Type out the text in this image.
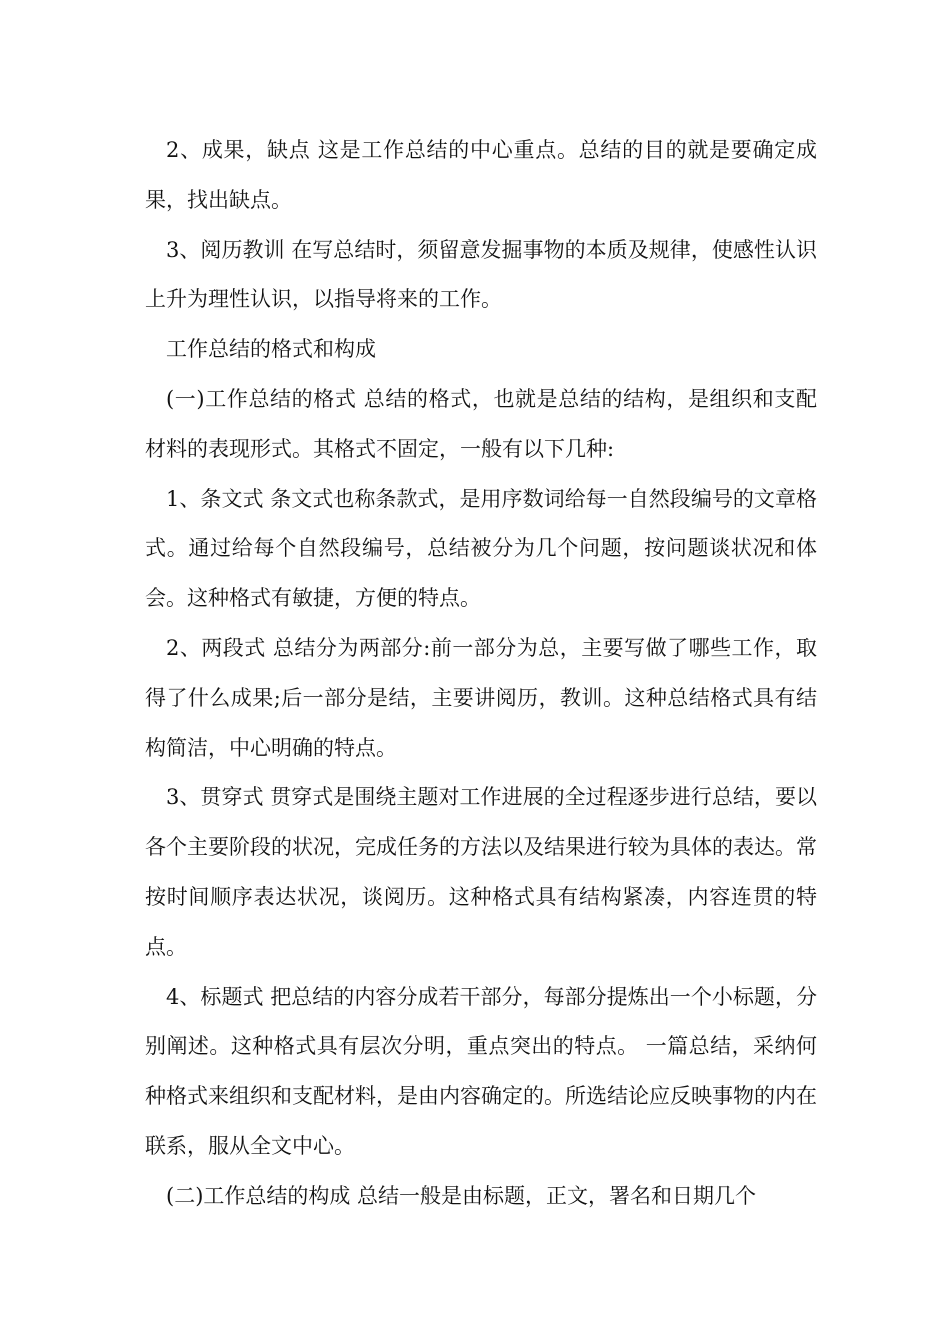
2、成果，缺点 这是工作总结的中心重点。总结的目的就是要确定成果，找出缺点。

3、阅历教训 在写总结时，须留意发掘事物的本质及规律，使感性认识上升为理性认识，以指导将来的工作。

工作总结的格式和构成

(一)工作总结的格式 总结的格式，也就是总结的结构，是组织和支配材料的表现形式。其格式不固定，一般有以下几种:

1、条文式 条文式也称条款式，是用序数词给每一自然段编号的文章格式。通过给每个自然段编号，总结被分为几个问题，按问题谈状况和体会。这种格式有敏捷，方便的特点。

2、两段式 总结分为两部分:前一部分为总，主要写做了哪些工作，取得了什么成果;后一部分是结，主要讲阅历，教训。这种总结格式具有结构简洁，中心明确的特点。

3、贯穿式 贯穿式是围绕主题对工作进展的全过程逐步进行总结，要以各个主要阶段的状况，完成任务的方法以及结果进行较为具体的表达。常按时间顺序表达状况，谈阅历。这种格式具有结构紧凑，内容连贯的特点。

4、标题式 把总结的内容分成若干部分，每部分提炼出一个小标题，分别阐述。这种格式具有层次分明，重点突出的特点。 一篇总结，采纳何种格式来组织和支配材料，是由内容确定的。所选结论应反映事物的内在联系，服从全文中心。

(二)工作总结的构成 总结一般是由标题，正文，署名和日期几个
